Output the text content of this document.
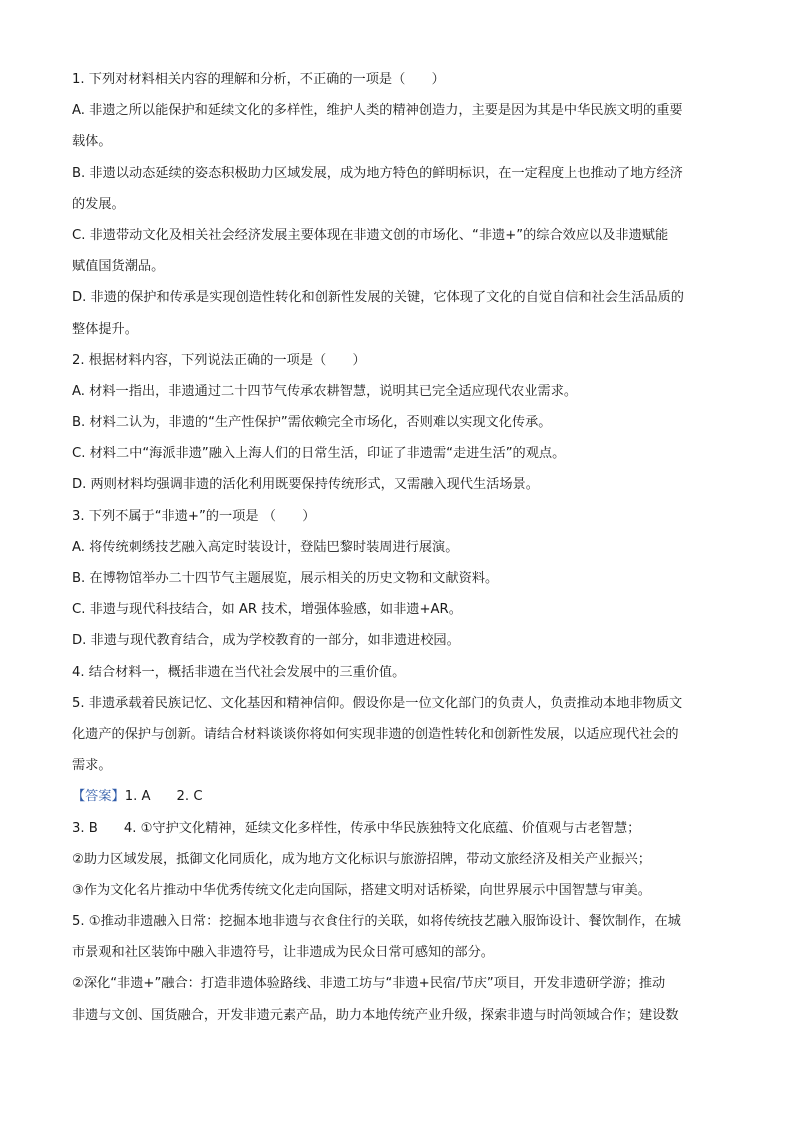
1. 下列对材料相关内容的理解和分析，不正确的一项是（　　）
A. 非遗之所以能保护和延续文化的多样性，维护人类的精神创造力，主要是因为其是中华民族文明的重要
载体。
B. 非遗以动态延续的姿态积极助力区域发展，成为地方特色的鲜明标识，在一定程度上也推动了地方经济
的发展。
C. 非遗带动文化及相关社会经济发展主要体现在非遗文创的市场化、“非遗+”的综合效应以及非遗赋能
赋值国货潮品。
D. 非遗的保护和传承是实现创造性转化和创新性发展的关键，它体现了文化的自觉自信和社会生活品质的
整体提升。
2. 根据材料内容，下列说法正确的一项是（　　）
A. 材料一指出，非遗通过二十四节气传承农耕智慧，说明其已完全适应现代农业需求。
B. 材料二认为，非遗的“生产性保护”需依赖完全市场化，否则难以实现文化传承。
C. 材料二中“海派非遗”融入上海人们的日常生活，印证了非遗需“走进生活”的观点。
D. 两则材料均强调非遗的活化利用既要保持传统形式，又需融入现代生活场景。
3. 下列不属于“非遗+”的一项是 （　　）
A. 将传统刺绣技艺融入高定时装设计，登陆巴黎时装周进行展演。
B. 在博物馆举办二十四节气主题展览，展示相关的历史文物和文献资料。
C. 非遗与现代科技结合，如 AR 技术，增强体验感，如非遗+AR。
D. 非遗与现代教育结合，成为学校教育的一部分，如非遗进校园。
4. 结合材料一，概括非遗在当代社会发展中的三重价值。
5. 非遗承载着民族记忆、文化基因和精神信仰。假设你是一位文化部门的负责人，负责推动本地非物质文
化遗产的保护与创新。请结合材料谈谈你将如何实现非遗的创造性转化和创新性发展，以适应现代社会的
需求。
【答案】1. A 2. C
3. B 4. ①守护文化精神，延续文化多样性，传承中华民族独特文化底蕴、价值观与古老智慧；
②助力区域发展，抵御文化同质化，成为地方文化标识与旅游招牌，带动文旅经济及相关产业振兴；
③作为文化名片推动中华优秀传统文化走向国际，搭建文明对话桥梁，向世界展示中国智慧与审美。
5. ①推动非遗融入日常：挖掘本地非遗与衣食住行的关联，如将传统技艺融入服饰设计、餐饮制作，在城
市景观和社区装饰中融入非遗符号，让非遗成为民众日常可感知的部分。
②深化“非遗+”融合：打造非遗体验路线、非遗工坊与“非遗+民宿/节庆”项目，开发非遗研学游；推动
非遗与文创、国货融合，开发非遗元素产品，助力本地传统产业升级，探索非遗与时尚领域合作；建设数
